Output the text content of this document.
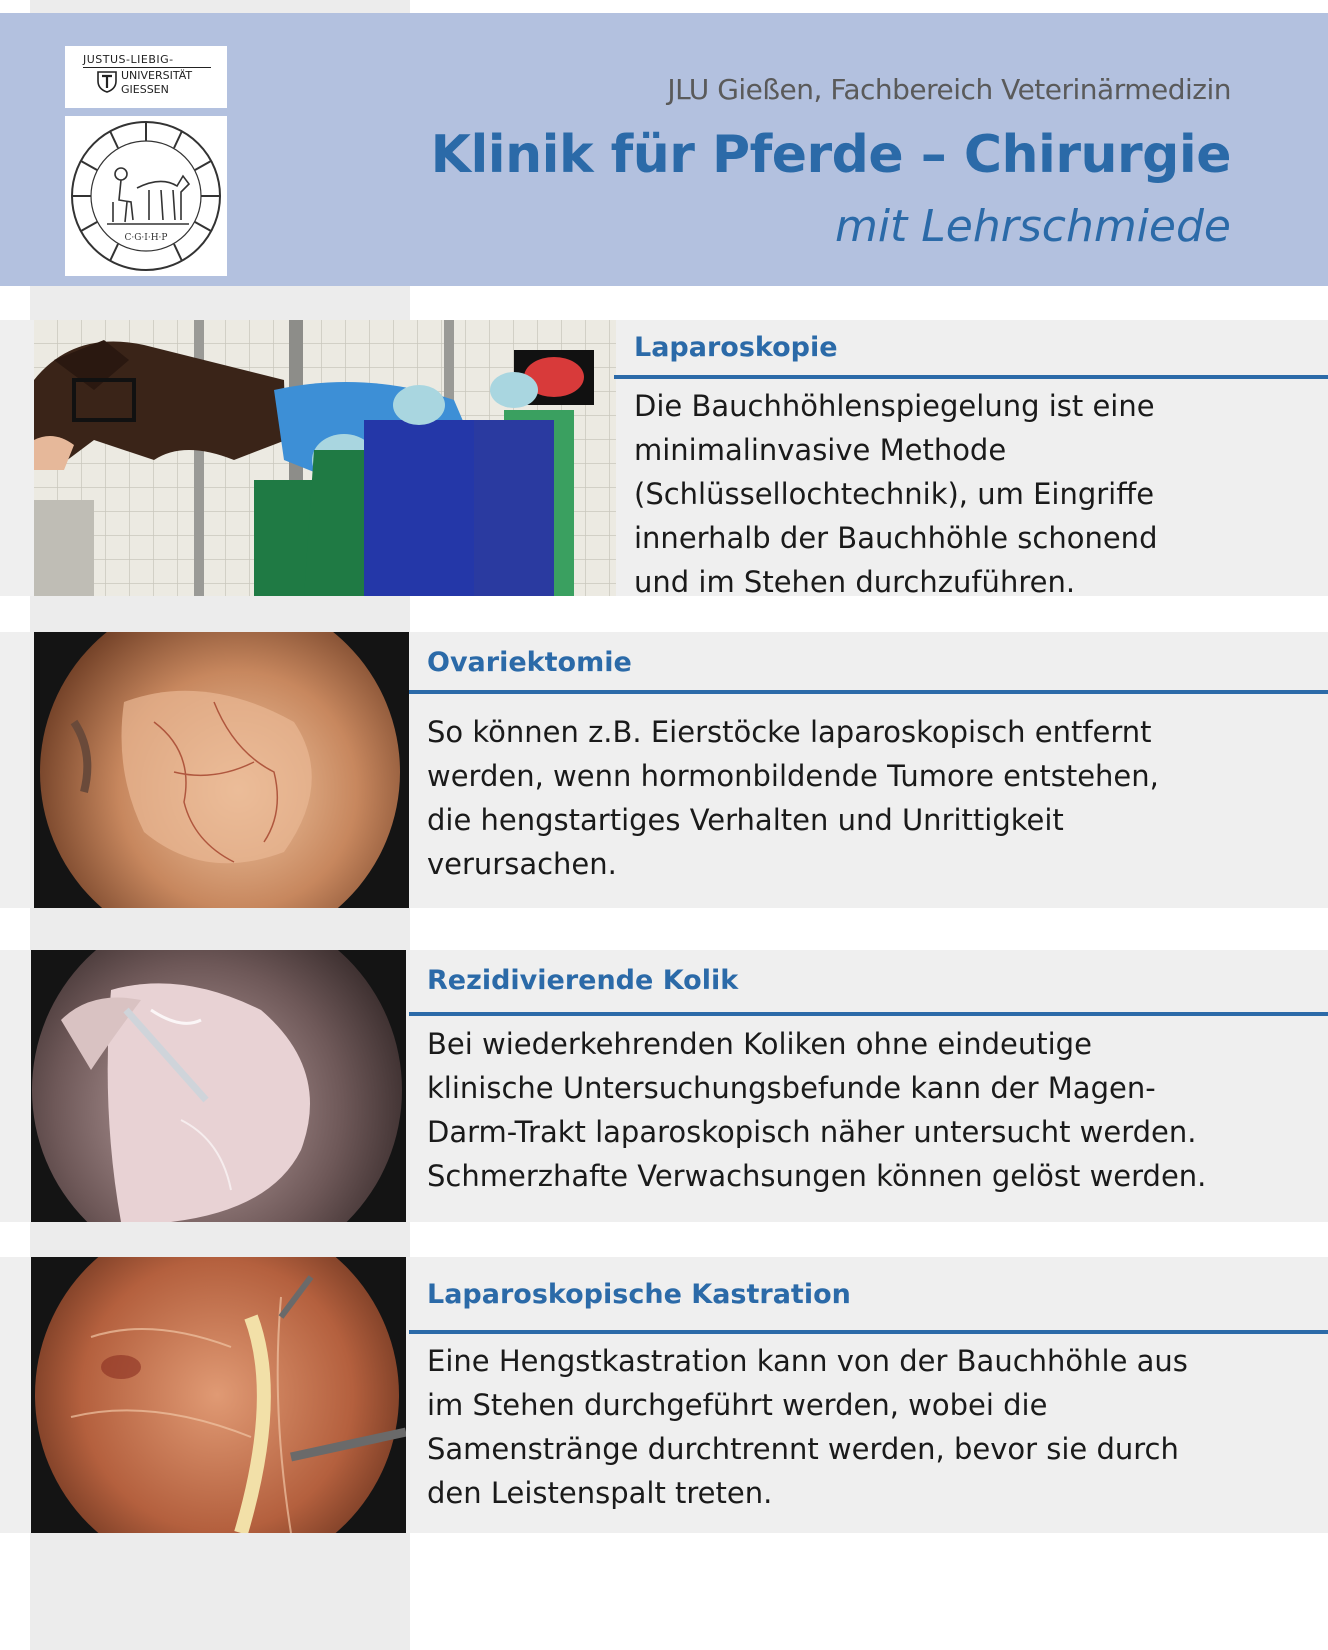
JUSTUS-LIEBIG-
UNIVERSITÄT
GIESSEN
C·G·I·H·P
JLU Gießen, Fachbereich Veterinärmedizin
Klinik für Pferde – Chirurgie
mit Lehrschmiede
Laparoskopie
Die Bauchhöhlenspiegelung ist eine
minimalinvasive Methode
(Schlüssellochtechnik), um Eingriffe
innerhalb der Bauchhöhle schonend
und im Stehen durchzuführen.
Ovariektomie
So können z.B. Eierstöcke laparoskopisch entfernt
werden, wenn hormonbildende Tumore entstehen,
die hengstartiges Verhalten und Unrittigkeit
verursachen.
Rezidivierende Kolik
Bei wiederkehrenden Koliken ohne eindeutige
klinische Untersuchungsbefunde kann der Magen-
Darm-Trakt laparoskopisch näher untersucht werden.
Schmerzhafte Verwachsungen können gelöst werden.
Laparoskopische Kastration
Eine Hengstkastration kann von der Bauchhöhle aus
im Stehen durchgeführt werden, wobei die
Samenstränge durchtrennt werden, bevor sie durch
den Leistenspalt treten.
